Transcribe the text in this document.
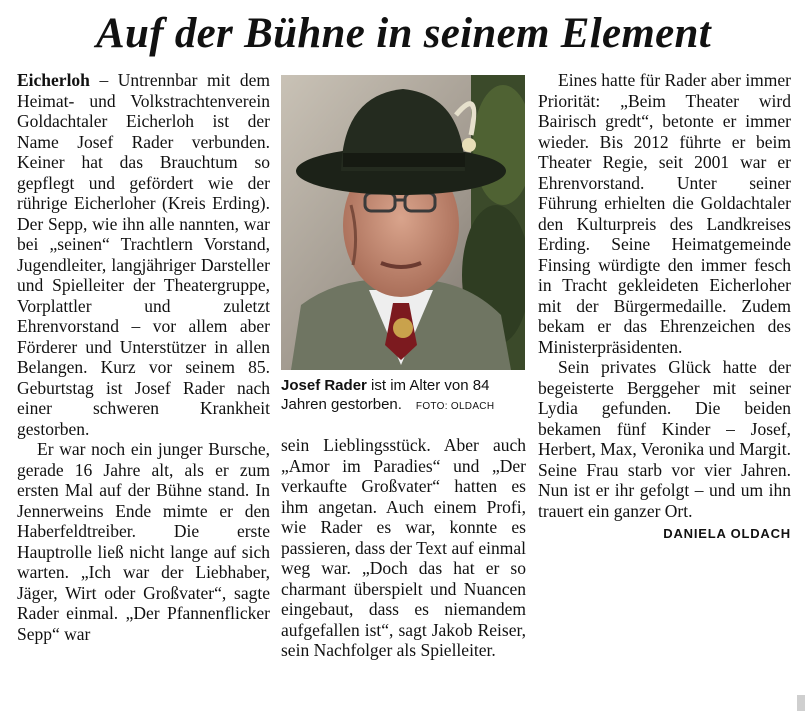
Auf der Bühne in seinem Element

Eicherloh – Untrennbar mit dem Heimat- und Volkstrachtenverein Goldachtaler Eicherloh ist der Name Josef Rader verbunden. Keiner hat das Brauchtum so gepflegt und gefördert wie der rührige Eicherloher (Kreis Erding). Der Sepp, wie ihn alle nannten, war bei „seinen“ Trachtlern Vorstand, Jugendleiter, langjähriger Darsteller und Spielleiter der Theatergruppe, Vorplattler und zuletzt Ehrenvorstand – vor allem aber Förderer und Unterstützer in allen Belangen. Kurz vor seinem 85. Geburtstag ist Josef Rader nach einer schweren Krankheit gestorben.

Er war noch ein junger Bursche, gerade 16 Jahre alt, als er zum ersten Mal auf der Bühne stand. In Jennerweins Ende mimte er den Haberfeldtreiber. Die erste Hauptrolle ließ nicht lange auf sich warten. „Ich war der Liebhaber, Jäger, Wirt oder Großvater“, sagte Rader einmal. „Der Pfannenflicker Sepp“ war

Josef Rader ist im Alter von 84 Jahren gestorben. FOTO: OLDACH

sein Lieblingsstück. Aber auch „Amor im Paradies“ und „Der verkaufte Großvater“ hatten es ihm angetan. Auch einem Profi, wie Rader es war, konnte es passieren, dass der Text auf einmal weg war. „Doch das hat er so charmant überspielt und Nuancen eingebaut, dass es niemandem aufgefallen ist“, sagt Jakob Reiser, sein Nachfolger als Spielleiter.

Eines hatte für Rader aber immer Priorität: „Beim Theater wird Bairisch gredt“, betonte er immer wieder. Bis 2012 führte er beim Theater Regie, seit 2001 war er Ehrenvorstand. Unter seiner Führung erhielten die Goldachtaler den Kulturpreis des Landkreises Erding. Seine Heimatgemeinde Finsing würdigte den immer fesch in Tracht gekleideten Eicherloher mit der Bürgermedaille. Zudem bekam er das Ehrenzeichen des Ministerpräsidenten.

Sein privates Glück hatte der begeisterte Berggeher mit seiner Lydia gefunden. Die beiden bekamen fünf Kinder – Josef, Herbert, Max, Veronika und Margit. Seine Frau starb vor vier Jahren. Nun ist er ihr gefolgt – und um ihn trauert ein ganzer Ort.

DANIELA OLDACH
